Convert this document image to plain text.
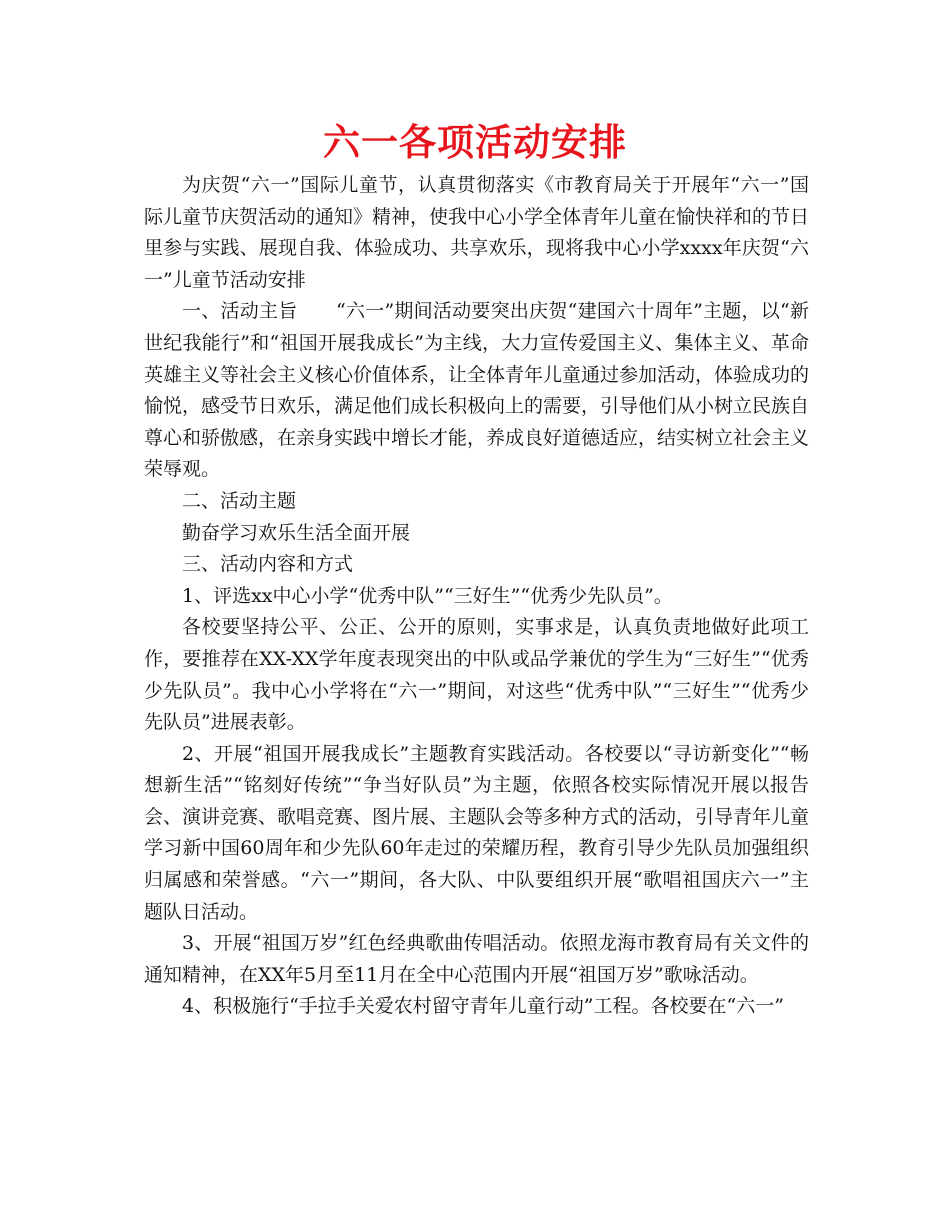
六一各项活动安排

为庆贺“六一”国际儿童节，认真贯彻落实《市教育局关于开展年“六一”国际儿童节庆贺活动的通知》精神，使我中心小学全体青年儿童在愉快祥和的节日里参与实践、展现自我、体验成功、共享欢乐，现将我中心小学xxxx年庆贺“六一”儿童节活动安排

一、活动主旨　　“六一”期间活动要突出庆贺“建国六十周年”主题，以“新世纪我能行”和“祖国开展我成长”为主线，大力宣传爱国主义、集体主义、革命英雄主义等社会主义核心价值体系，让全体青年儿童通过参加活动，体验成功的愉悦，感受节日欢乐，满足他们成长积极向上的需要，引导他们从小树立民族自尊心和骄傲感，在亲身实践中增长才能，养成良好道德适应，结实树立社会主义荣辱观。

二、活动主题

勤奋学习欢乐生活全面开展

三、活动内容和方式

1、评选xx中心小学“优秀中队”“三好生”“优秀少先队员”。

各校要坚持公平、公正、公开的原则，实事求是，认真负责地做好此项工作，要推荐在XX-XX学年度表现突出的中队或品学兼优的学生为“三好生”“优秀少先队员”。我中心小学将在“六一”期间，对这些“优秀中队”“三好生”“优秀少先队员”进展表彰。

2、开展“祖国开展我成长”主题教育实践活动。各校要以“寻访新变化”“畅想新生活”“铭刻好传统”“争当好队员”为主题，依照各校实际情况开展以报告会、演讲竞赛、歌唱竞赛、图片展、主题队会等多种方式的活动，引导青年儿童学习新中国60周年和少先队60年走过的荣耀历程，教育引导少先队员加强组织归属感和荣誉感。“六一”期间，各大队、中队要组织开展“歌唱祖国庆六一”主题队日活动。

3、开展“祖国万岁”红色经典歌曲传唱活动。依照龙海市教育局有关文件的通知精神，在XX年5月至11月在全中心范围内开展“祖国万岁”歌咏活动。

4、积极施行“手拉手关爱农村留守青年儿童行动”工程。各校要在“六一”
